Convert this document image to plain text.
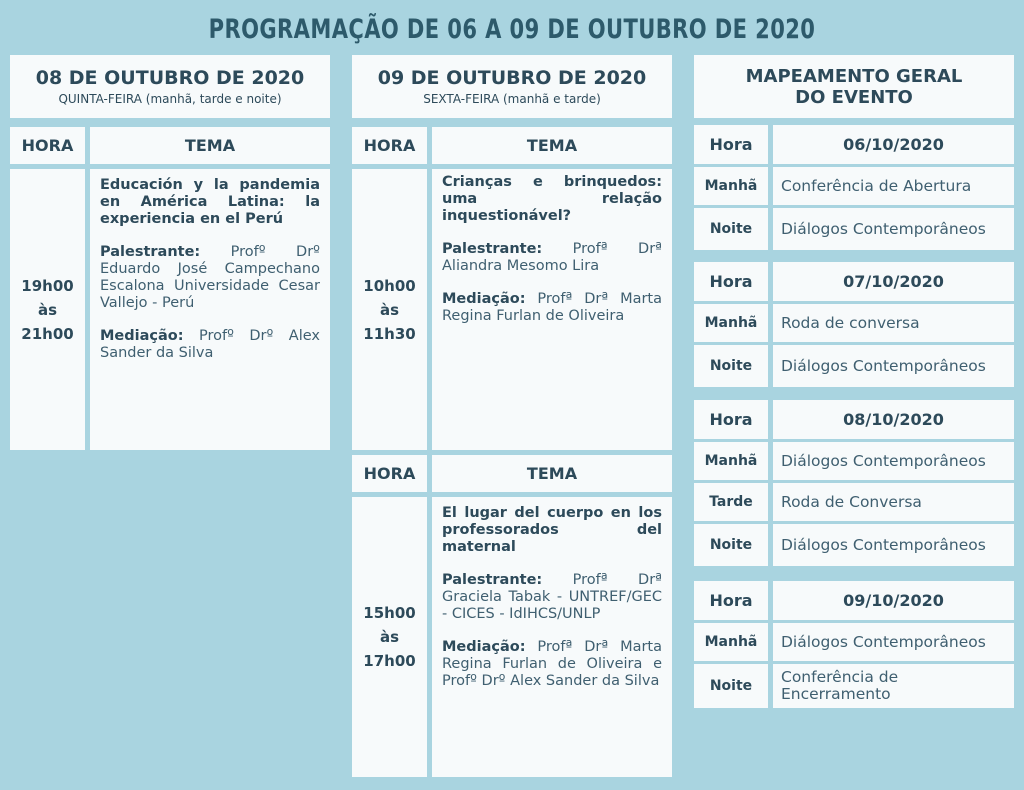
PROGRAMAÇÃO DE 06 A 09 DE OUTUBRO DE 2020
08 DE OUTUBRO DE 2020
QUINTA-FEIRA (manhã, tarde e noite)
HORA	TEMA
19h00
às
21h00
Educación y la pandemia en América Latina: la experiencia en el Perú

Palestrante: Profº Drº Eduardo José Campechano Escalona Universidade Cesar Vallejo - Perú

Mediação: Profº Drº Alex Sander da Silva

09 DE OUTUBRO DE 2020
SEXTA-FEIRA (manhã e tarde)
HORA	TEMA
10h00
às
11h30
Crianças e brinquedos: uma relação inquestionável?

Palestrante: Profª Drª Aliandra Mesomo Lira

Mediação: Profª Drª Marta Regina Furlan de Oliveira

HORA	TEMA
15h00
às
17h00
El lugar del cuerpo en los professorados del maternal

Palestrante: Profª Drª Graciela Tabak - UNTREF/GEC - CICES - IdIHCS/UNLP

Mediação: Profª Drª Marta Regina Furlan de Oliveira e Profº Drº Alex Sander da Silva

MAPEAMENTO GERAL
DO EVENTO
Hora	06/10/2020
Manhã	Conferência de Abertura
Noite	Diálogos Contemporâneos
Hora	07/10/2020
Manhã	Roda de conversa
Noite	Diálogos Contemporâneos
Hora	08/10/2020
Manhã	Diálogos Contemporâneos
Tarde	Roda de Conversa
Noite	Diálogos Contemporâneos
Hora	09/10/2020
Manhã	Diálogos Contemporâneos
Noite	Conferência de Encerramento
